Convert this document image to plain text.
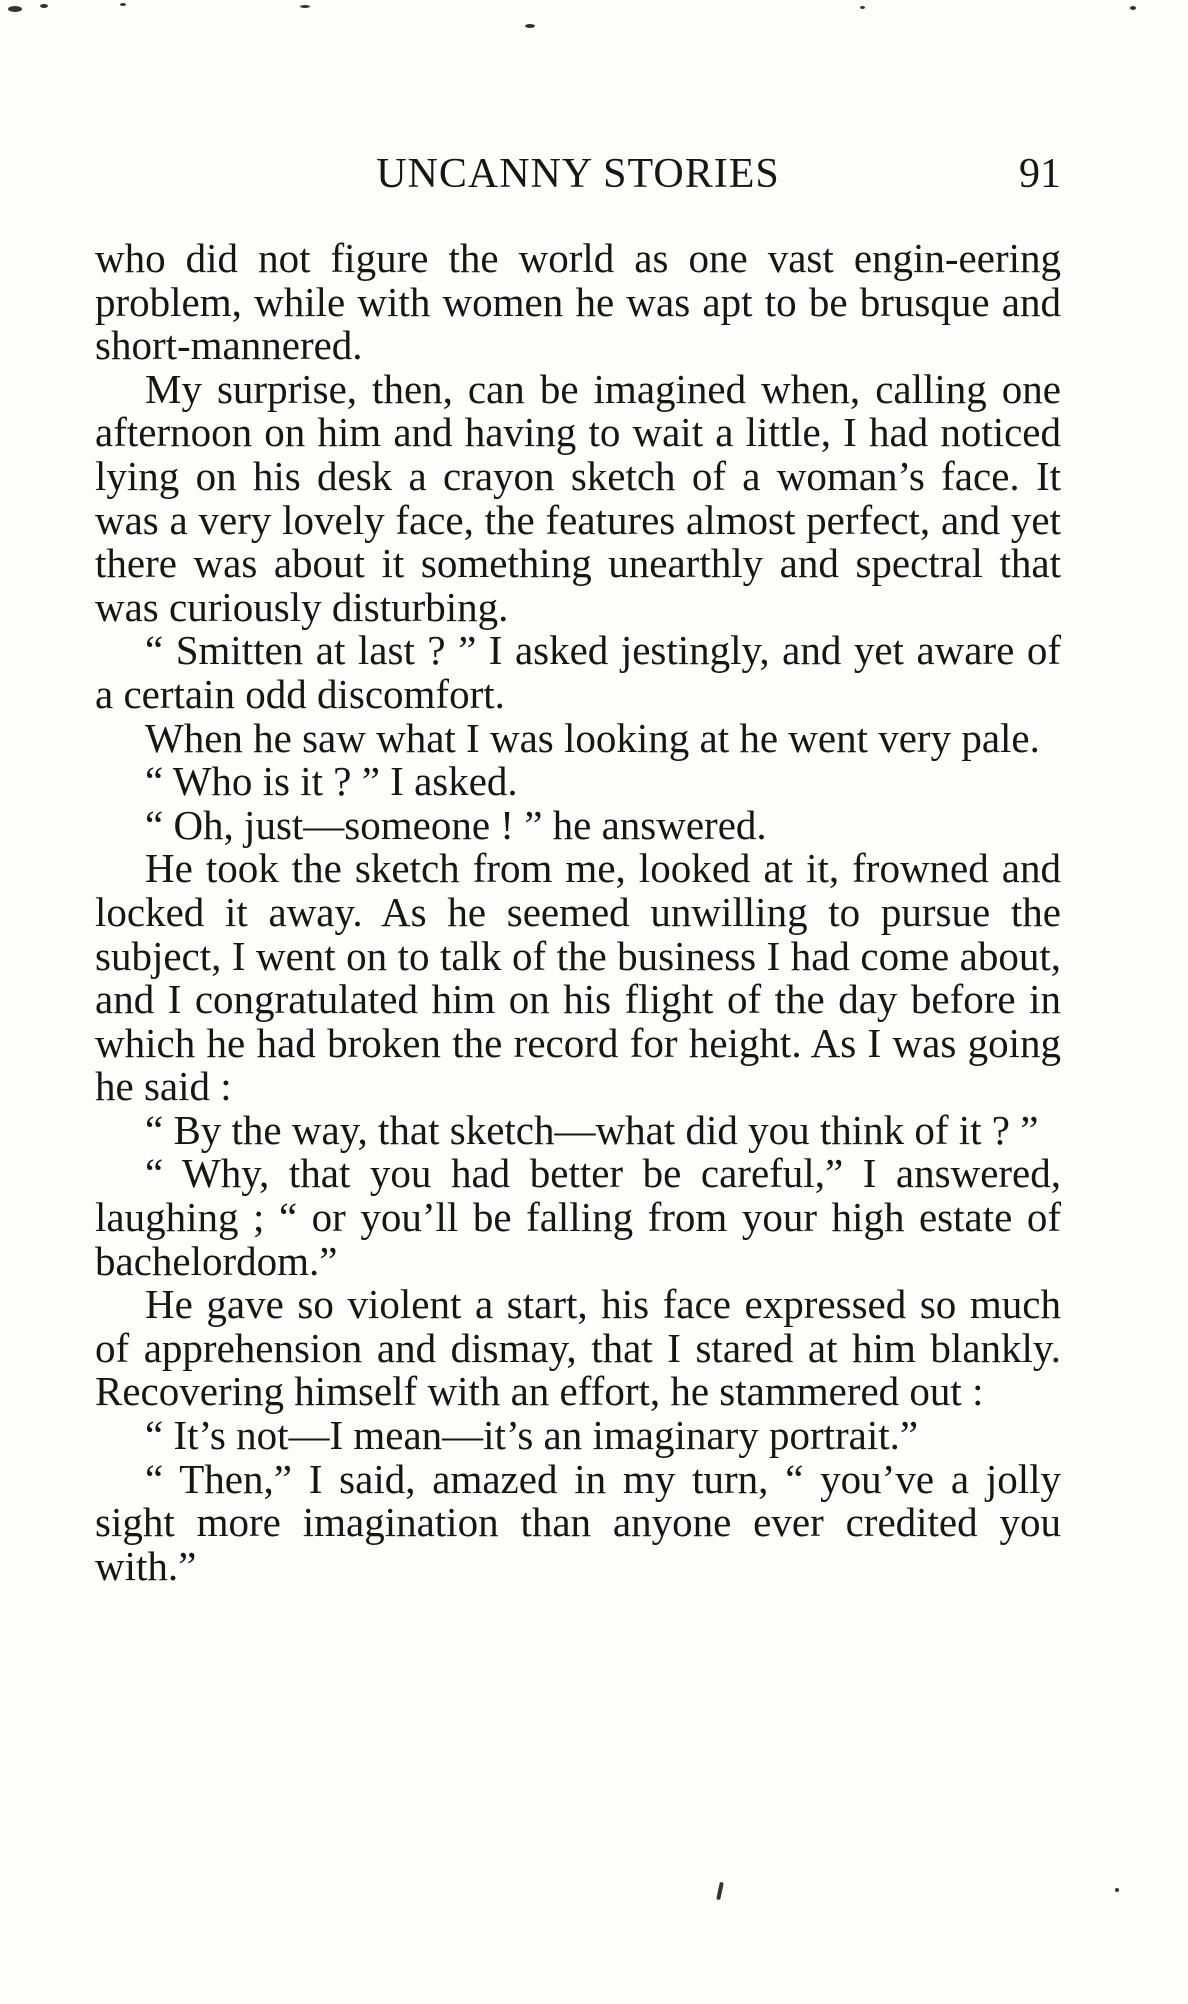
UNCANNY STORIES	91

who did not figure the world as one vast engin-eering problem, while with women he was apt to be brusque and short-mannered.

My surprise, then, can be imagined when, calling one afternoon on him and having to wait a little, I had noticed lying on his desk a crayon sketch of a woman’s face. It was a very lovely face, the features almost perfect, and yet there was about it something unearthly and spectral that was curiously disturbing.

“ Smitten at last ? ” I asked jestingly, and yet aware of a certain odd discomfort.

When he saw what I was looking at he went very pale.

“ Who is it ? ” I asked.

“ Oh, just—someone ! ” he answered.

He took the sketch from me, looked at it, frowned and locked it away. As he seemed unwilling to pursue the subject, I went on to talk of the business I had come about, and I congratulated him on his flight of the day before in which he had broken the record for height. As I was going he said :

“ By the way, that sketch—what did you think of it ? ”

“ Why, that you had better be careful,” I answered, laughing ; “ or you’ll be falling from your high estate of bachelordom.”

He gave so violent a start, his face expressed so much of apprehension and dismay, that I stared at him blankly. Recovering himself with an effort, he stammered out :

“ It’s not—I mean—it’s an imaginary portrait.”

“ Then,” I said, amazed in my turn, “ you’ve a jolly sight more imagination than anyone ever credited you with.”
